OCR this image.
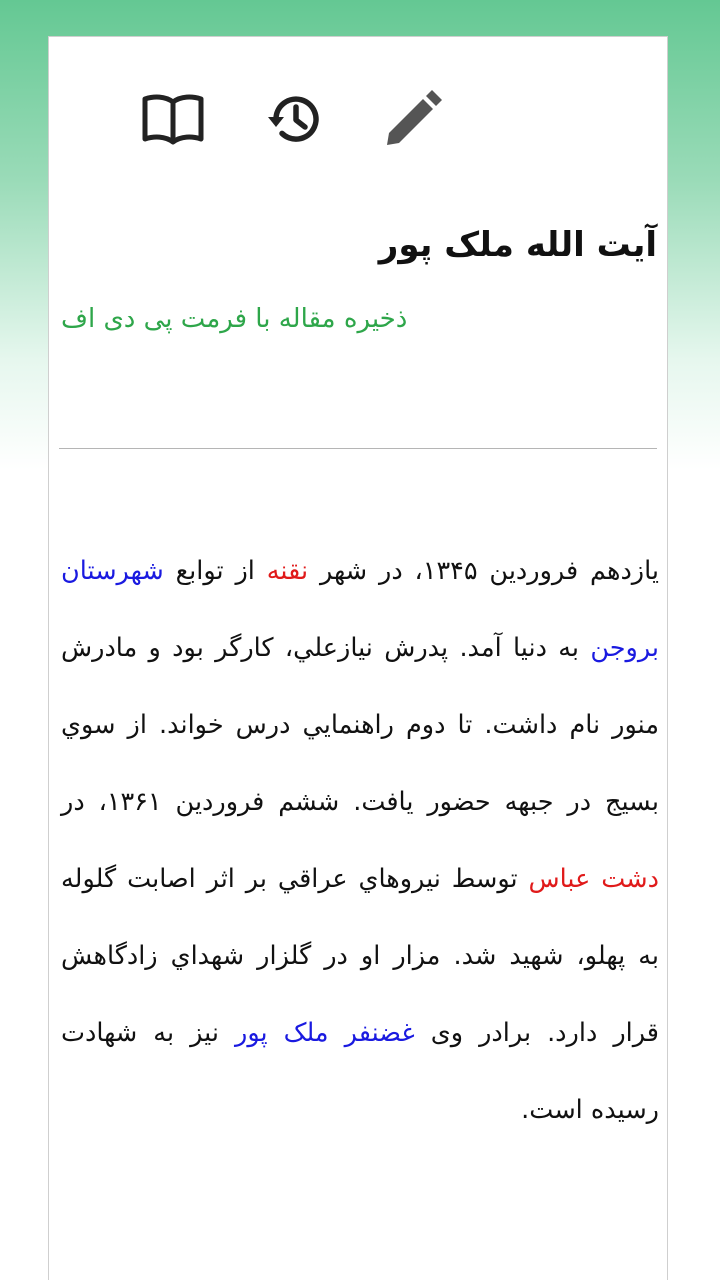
آیت الله ملک پور
ذخیره مقاله با فرمت پی دی اف

یازدهم فروردین ۱۳۴۵، در شهر نقنه از توابع شهرستان بروجن به دنیا آمد. پدرش نیازعلي، کارگر بود و مادرش منور نام داشت. تا دوم راهنمايي درس خواند. از سوي بسيج در جبهه حضور يافت. ششم فروردين ۱۳۶۱، در دشت عباس توسط نيروهاي عراقي بر اثر اصابت گلوله به پهلو، شهيد شد. مزار او در گلزار شهداي زادگاهش قرار دارد. برادر وی غضنفر ملک پور نیز به شهادت رسیده است.
